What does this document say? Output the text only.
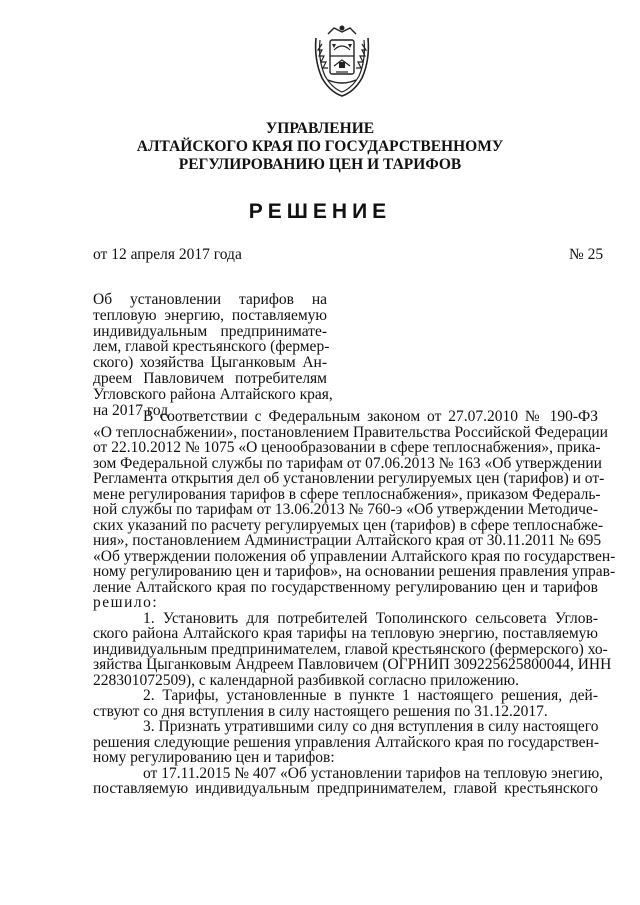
УПРАВЛЕНИЕ
АЛТАЙСКОГО КРАЯ ПО ГОСУДАРСТВЕННОМУ
РЕГУЛИРОВАНИЮ ЦЕН И ТАРИФОВ
РЕШЕНИЕ
от 12 апреля 2017 года	№ 25
Об установлении тарифов на
тепловую энергию, поставляемую
индивидуальным предпринимате-
лем, главой крестьянского (фермер-
ского) хозяйства Цыганковым Ан-
дреем Павловичем потребителям
Угловского района Алтайского края,
на 2017 год
В соответствии с Федеральным законом от 27.07.2010 № 190-ФЗ
«О теплоснабжении», постановлением Правительства Российской Федерации
от 22.10.2012 № 1075 «О ценообразовании в сфере теплоснабжения», прика-
зом Федеральной службы по тарифам от 07.06.2013 № 163 «Об утверждении
Регламента открытия дел об установлении регулируемых цен (тарифов) и от-
мене регулирования тарифов в сфере теплоснабжения», приказом Федераль-
ной службы по тарифам от 13.06.2013 № 760-э «Об утверждении Методиче-
ских указаний по расчету регулируемых цен (тарифов) в сфере теплоснабже-
ния», постановлением Администрации Алтайского края от 30.11.2011 № 695
«Об утверждении положения об управлении Алтайского края по государствен-
ному регулированию цен и тарифов», на основании решения правления управ-
ление Алтайского края по государственному регулированию цен и тарифов
решило:
1. Установить для потребителей Тополинского сельсовета Углов-
ского района Алтайского края тарифы на тепловую энергию, поставляемую
индивидуальным предпринимателем, главой крестьянского (фермерского) хо-
зяйства Цыганковым Андреем Павловичем (ОГРНИП 309225625800044, ИНН
228301072509), с календарной разбивкой согласно приложению.
2. Тарифы, установленные в пункте 1 настоящего решения, дей-
ствуют со дня вступления в силу настоящего решения по 31.12.2017.
3. Признать утратившими силу со дня вступления в силу настоящего
решения следующие решения управления Алтайского края по государствен-
ному регулированию цен и тарифов:
от 17.11.2015 № 407 «Об установлении тарифов на тепловую энегию,
поставляемую индивидуальным предпринимателем, главой крестьянского
